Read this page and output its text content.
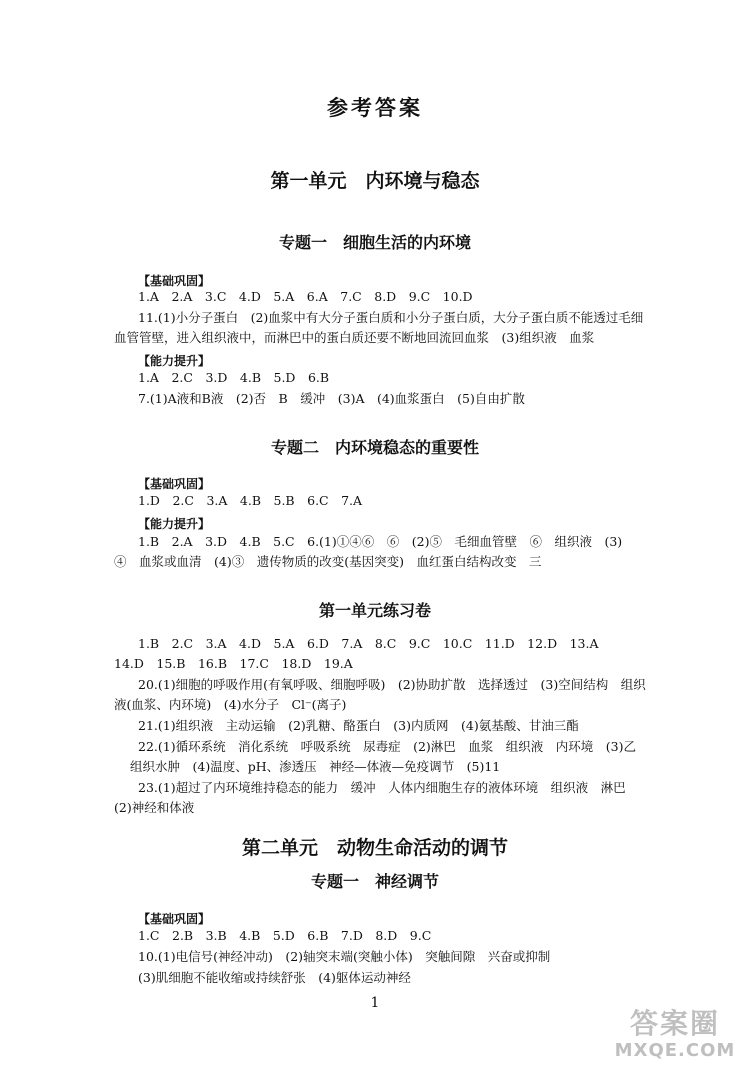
参考答案
第一单元　内环境与稳态
专题一　细胞生活的内环境
【基础巩固】
1.A　2.A　3.C　4.D　5.A　6.A　7.C　8.D　9.C　10.D
11.(1)小分子蛋白　(2)血浆中有大分子蛋白质和小分子蛋白质，大分子蛋白质不能透过毛细
血管管壁，进入组织液中，而淋巴中的蛋白质还要不断地回流回血浆　(3)组织液　血浆
【能力提升】
1.A　2.C　3.D　4.B　5.D　6.B
7.(1)A液和B液　(2)否　B　缓冲　(3)A　(4)血浆蛋白　(5)自由扩散
专题二　内环境稳态的重要性
【基础巩固】
1.D　2.C　3.A　4.B　5.B　6.C　7.A
【能力提升】
1.B　2.A　3.D　4.B　5.C　6.(1)①④⑥　⑥　(2)⑤　毛细血管壁　⑥　组织液　(3)
④　血浆或血清　(4)③　遗传物质的改变(基因突变)　血红蛋白结构改变　三
第一单元练习卷
1.B　2.C　3.A　4.D　5.A　6.D　7.A　8.C　9.C　10.C　11.D　12.D　13.A
14.D　15.B　16.B　17.C　18.D　19.A
20.(1)细胞的呼吸作用(有氧呼吸、细胞呼吸)　(2)协助扩散　选择透过　(3)空间结构　组织
液(血浆、内环境)　(4)水分子　Cl⁻(离子)
21.(1)组织液　主动运输　(2)乳糖、酪蛋白　(3)内质网　(4)氨基酸、甘油三酯
22.(1)循环系统　消化系统　呼吸系统　尿毒症　(2)淋巴　血浆　组织液　内环境　(3)乙
组织水肿　(4)温度、pH、渗透压　神经—体液—免疫调节　(5)11
23.(1)超过了内环境维持稳态的能力　缓冲　人体内细胞生存的液体环境　组织液　淋巴
(2)神经和体液
第二单元　动物生命活动的调节
专题一　神经调节
【基础巩固】
1.C　2.B　3.B　4.B　5.D　6.B　7.D　8.D　9.C
10.(1)电信号(神经冲动)　(2)轴突末端(突触小体)　突触间隙　兴奋或抑制
(3)肌细胞不能收缩或持续舒张　(4)躯体运动神经
1
答案圈
MXQE.COM
